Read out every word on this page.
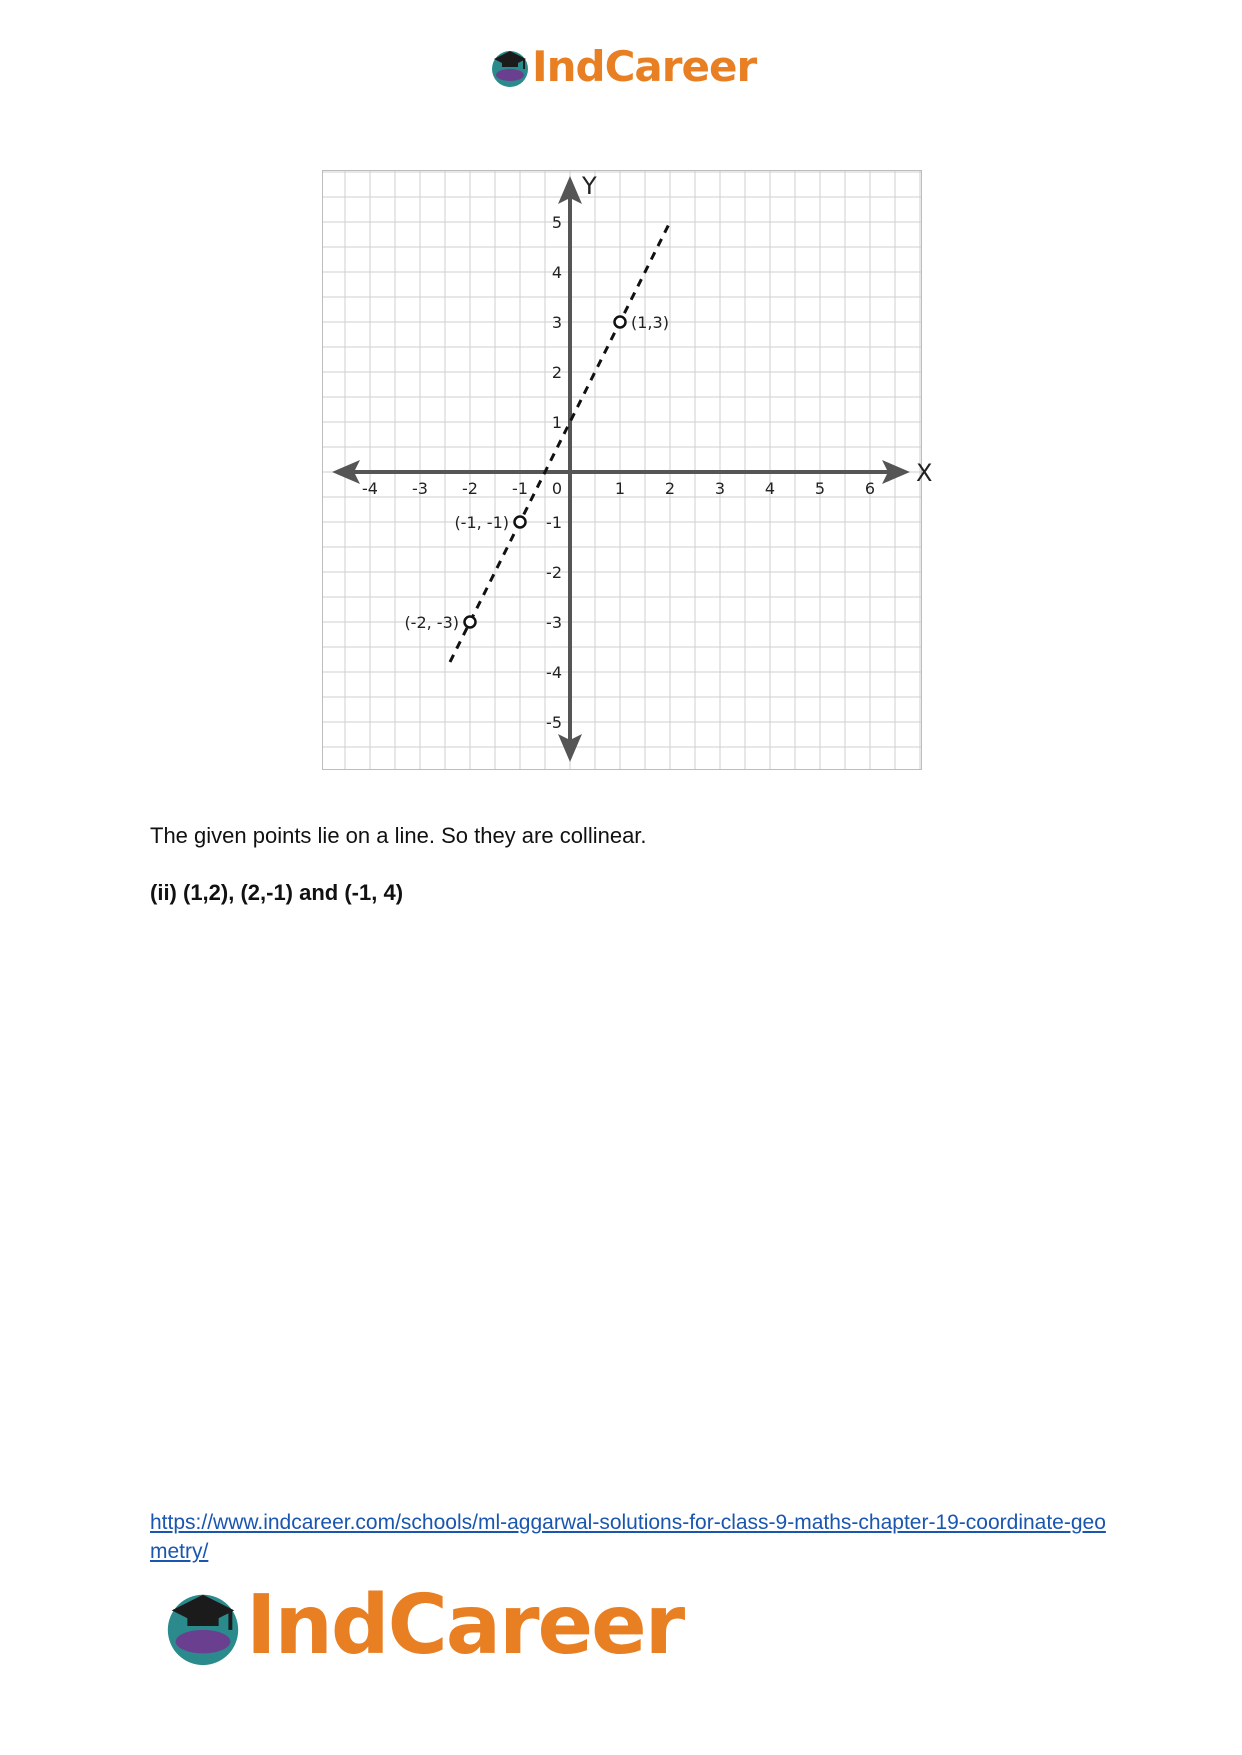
IndCareer
X
Y
-4 -3 -2 -1	1 2 3 4 5 6
5
4
3
2
1
-1
-2
-3
-4
-5
0
(1,3)
(-1, -1)
(-2, -3)
The given points lie on a line. So they are collinear.
(ii) (1,2), (2,-1) and (-1, 4)
https://www.indcareer.com/schools/ml-aggarwal-solutions-for-class-9-maths-chapter-19-coordinate-geometry/
IndCareer
